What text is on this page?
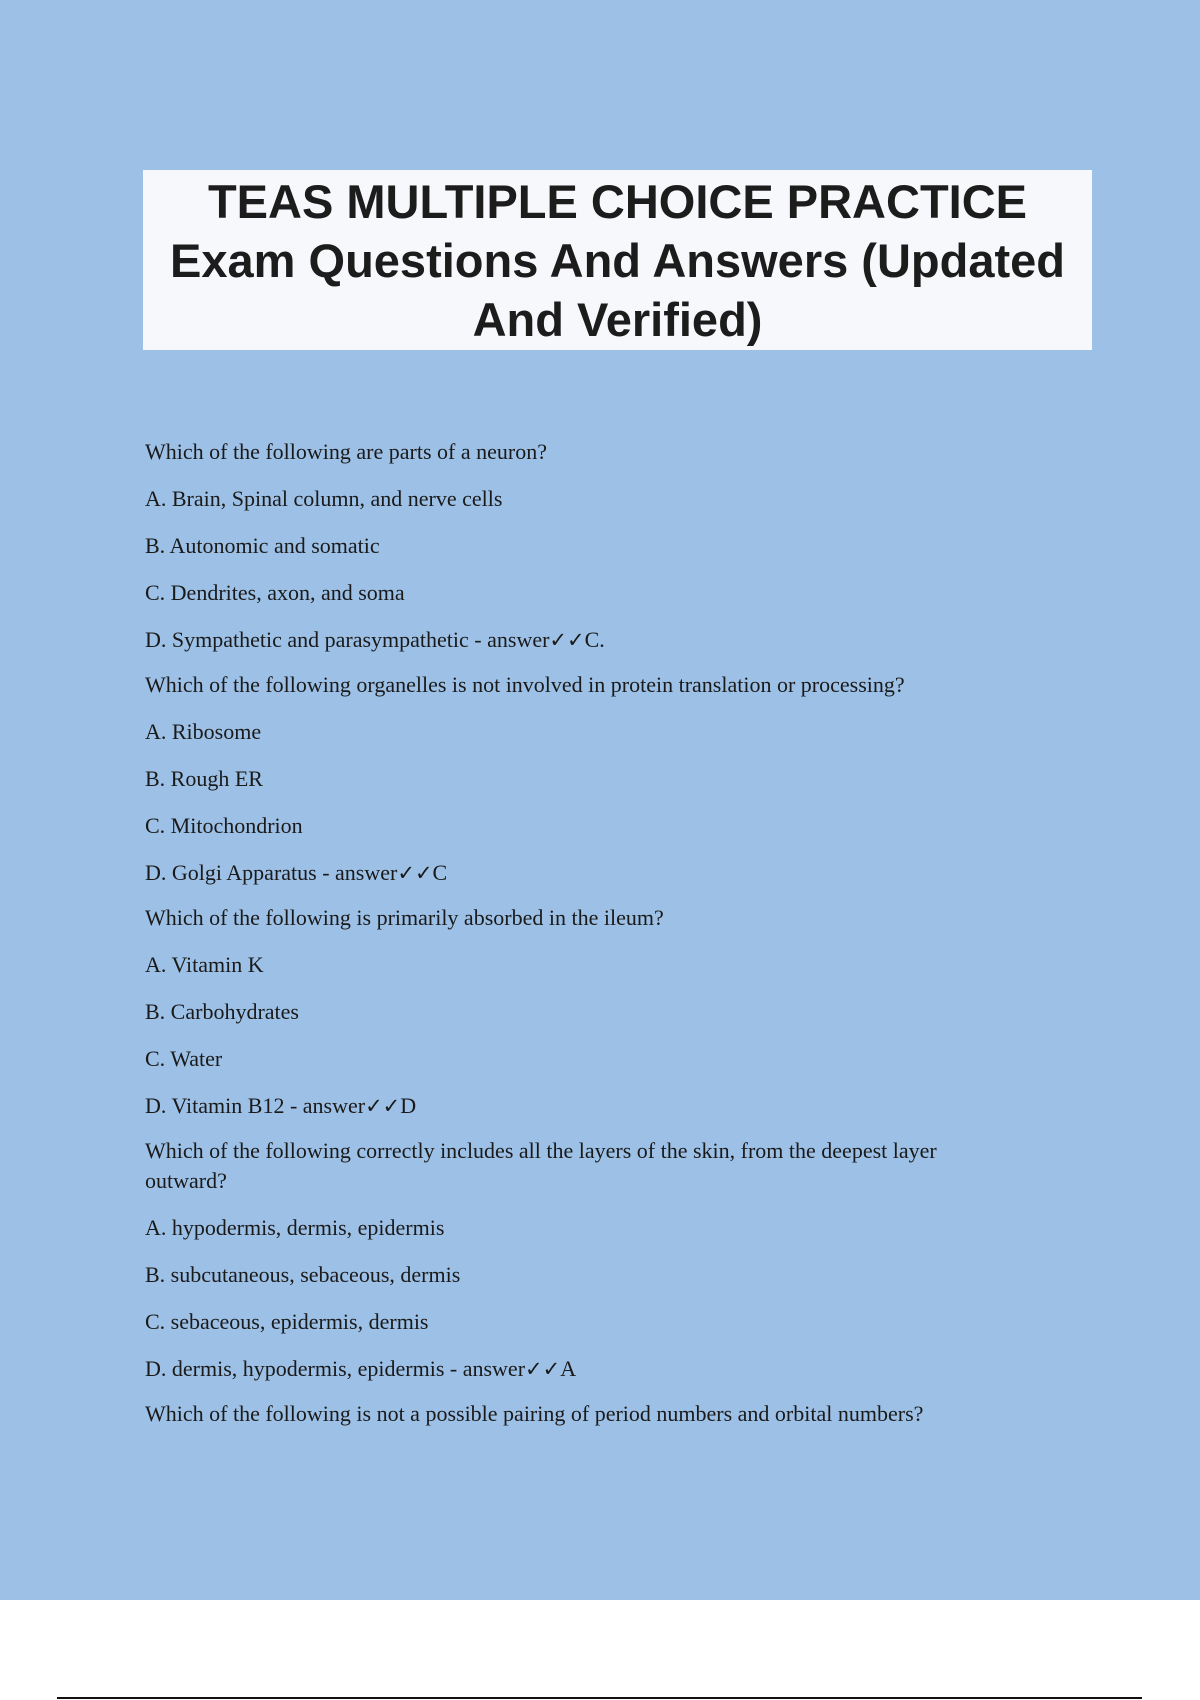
TEAS MULTIPLE CHOICE PRACTICE
Exam Questions And Answers (Updated
And Verified)

Which of the following are parts of a neuron?

A. Brain, Spinal column, and nerve cells

B. Autonomic and somatic

C. Dendrites, axon, and soma

D. Sympathetic and parasympathetic - answer✓✓C.

Which of the following organelles is not involved in protein translation or processing?

A. Ribosome

B. Rough ER

C. Mitochondrion

D. Golgi Apparatus - answer✓✓C

Which of the following is primarily absorbed in the ileum?

A. Vitamin K

B. Carbohydrates

C. Water

D. Vitamin B12 - answer✓✓D

Which of the following correctly includes all the layers of the skin, from the deepest layer
outward?

A. hypodermis, dermis, epidermis

B. subcutaneous, sebaceous, dermis

C. sebaceous, epidermis, dermis

D. dermis, hypodermis, epidermis - answer✓✓A

Which of the following is not a possible pairing of period numbers and orbital numbers?
